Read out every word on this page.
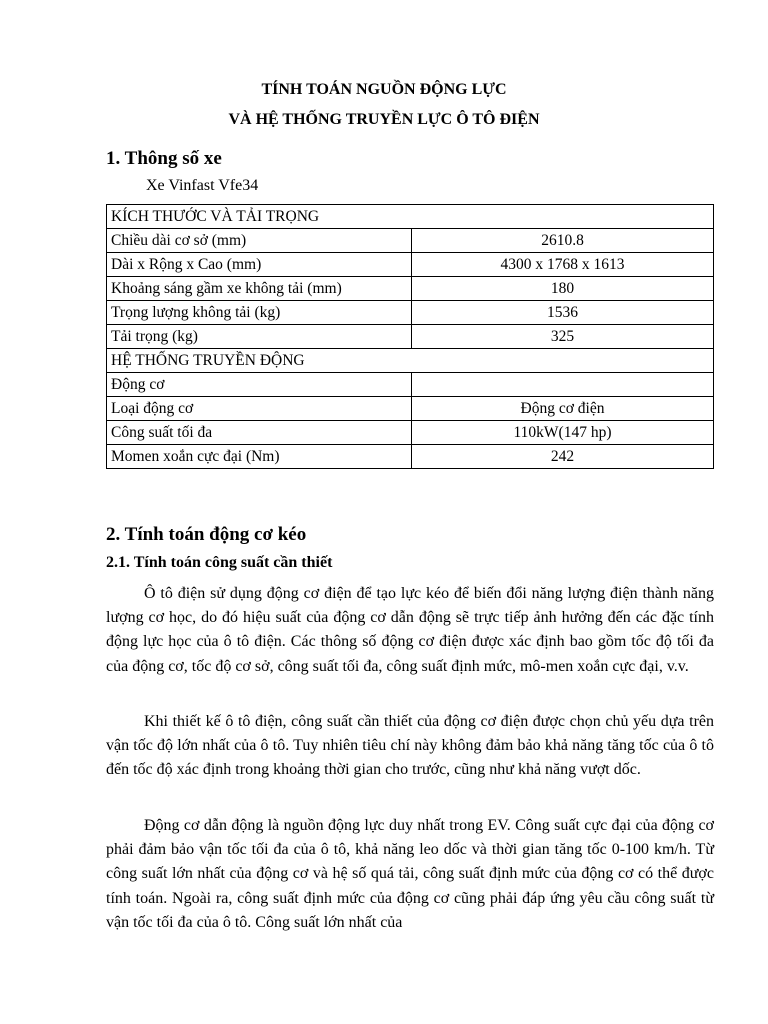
TÍNH TOÁN NGUỒN ĐỘNG LỰC
VÀ HỆ THỐNG TRUYỀN LỰC Ô TÔ ĐIỆN
1. Thông số xe
Xe Vinfast Vfe34
KÍCH THƯỚC VÀ TẢI TRỌNG	
Chiều dài cơ sở (mm)	2610.8
Dài x Rộng x Cao (mm)	4300 x 1768 x 1613
Khoảng sáng gầm xe không tải (mm)	180
Trọng lượng không tải (kg)	1536
Tải trọng (kg)	325
HỆ THỐNG TRUYỀN ĐỘNG	
Động cơ	
Loại động cơ	Động cơ điện
Công suất tối đa	110kW(147 hp)
Momen xoắn cực đại (Nm)	242
2. Tính toán động cơ kéo
2.1. Tính toán công suất cần thiết

Ô tô điện sử dụng động cơ điện để tạo lực kéo để biến đổi năng lượng điện thành năng lượng cơ học, do đó hiệu suất của động cơ dẫn động sẽ trực tiếp ảnh hưởng đến các đặc tính động lực học của ô tô điện. Các thông số động cơ điện được xác định bao gồm tốc độ tối đa của động cơ, tốc độ cơ sở, công suất tối đa, công suất định mức, mô-men xoắn cực đại, v.v.

Khi thiết kế ô tô điện, công suất cần thiết của động cơ điện được chọn chủ yếu dựa trên vận tốc độ lớn nhất của ô tô. Tuy nhiên tiêu chí này không đảm bảo khả năng tăng tốc của ô tô đến tốc độ xác định trong khoảng thời gian cho trước, cũng như khả năng vượt dốc.

Động cơ dẫn động là nguồn động lực duy nhất trong EV. Công suất cực đại của động cơ phải đảm bảo vận tốc tối đa của ô tô, khả năng leo dốc và thời gian tăng tốc 0-100 km/h. Từ công suất lớn nhất của động cơ và hệ số quá tải, công suất định mức của động cơ có thể được tính toán. Ngoài ra, công suất định mức của động cơ cũng phải đáp ứng yêu cầu công suất từ vận tốc tối đa của ô tô. Công suất lớn nhất của
